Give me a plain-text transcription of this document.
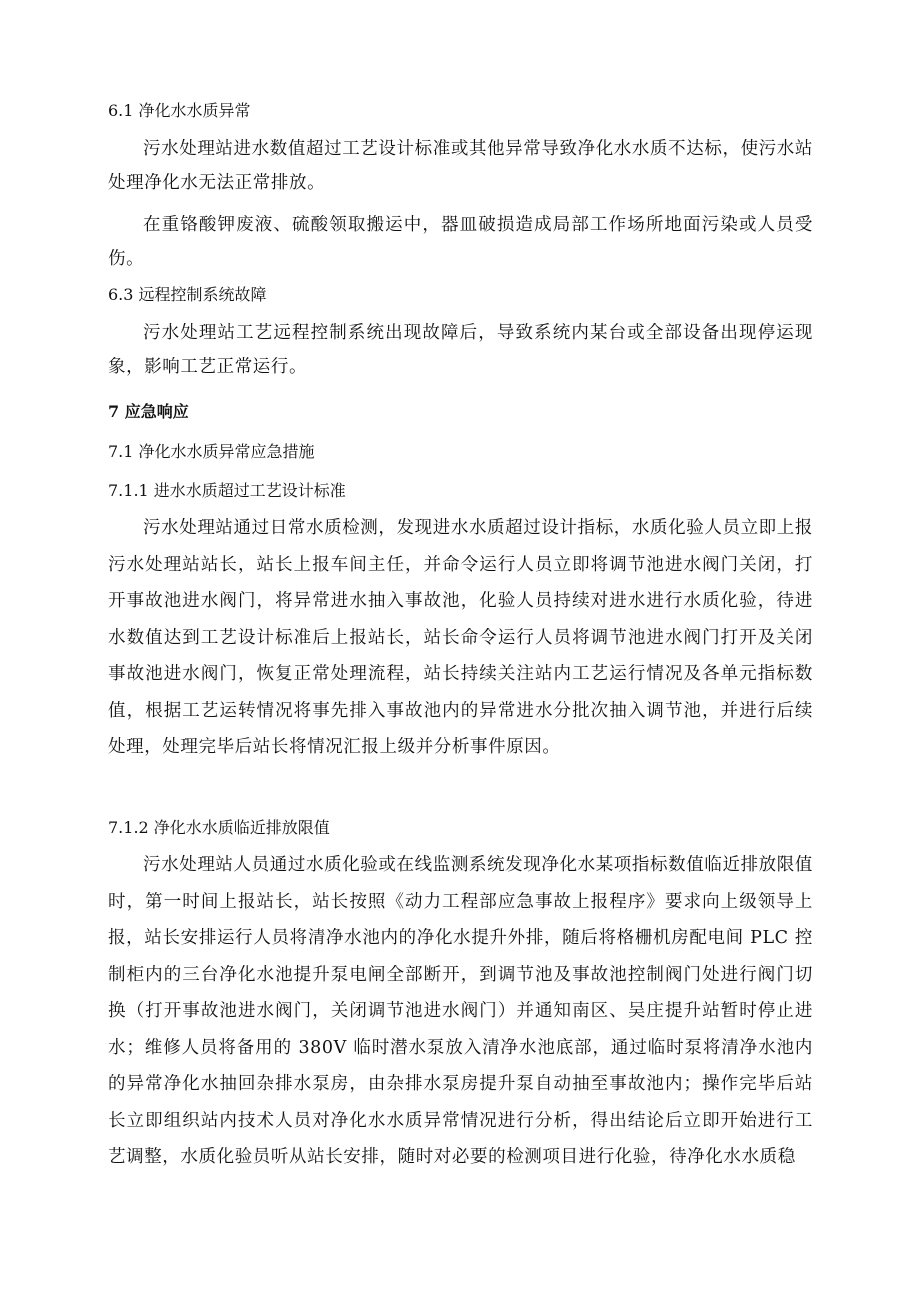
6.1 净化水水质异常
污水处理站进水数值超过工艺设计标准或其他异常导致净化水水质不达标，使污水站处理净化水无法正常排放。
在重铬酸钾废液、硫酸领取搬运中，器皿破损造成局部工作场所地面污染或人员受伤。
6.3 远程控制系统故障
污水处理站工艺远程控制系统出现故障后，导致系统内某台或全部设备出现停运现象，影响工艺正常运行。
7 应急响应
7.1 净化水水质异常应急措施
7.1.1 进水水质超过工艺设计标准
污水处理站通过日常水质检测，发现进水水质超过设计指标，水质化验人员立即上报污水处理站站长，站长上报车间主任，并命令运行人员立即将调节池进水阀门关闭，打开事故池进水阀门，将异常进水抽入事故池，化验人员持续对进水进行水质化验，待进水数值达到工艺设计标准后上报站长，站长命令运行人员将调节池进水阀门打开及关闭事故池进水阀门，恢复正常处理流程，站长持续关注站内工艺运行情况及各单元指标数值，根据工艺运转情况将事先排入事故池内的异常进水分批次抽入调节池，并进行后续处理，处理完毕后站长将情况汇报上级并分析事件原因。
7.1.2 净化水水质临近排放限值
污水处理站人员通过水质化验或在线监测系统发现净化水某项指标数值临近排放限值时，第一时间上报站长，站长按照《动力工程部应急事故上报程序》要求向上级领导上报，站长安排运行人员将清净水池内的净化水提升外排，随后将格栅机房配电间 PLC 控制柜内的三台净化水池提升泵电闸全部断开，到调节池及事故池控制阀门处进行阀门切换（打开事故池进水阀门，关闭调节池进水阀门）并通知南区、吴庄提升站暂时停止进水；维修人员将备用的 380V 临时潜水泵放入清净水池底部，通过临时泵将清净水池内的异常净化水抽回杂排水泵房，由杂排水泵房提升泵自动抽至事故池内；操作完毕后站长立即组织站内技术人员对净化水水质异常情况进行分析，得出结论后立即开始进行工艺调整，水质化验员听从站长安排，随时对必要的检测项目进行化验，待净化水水质稳
